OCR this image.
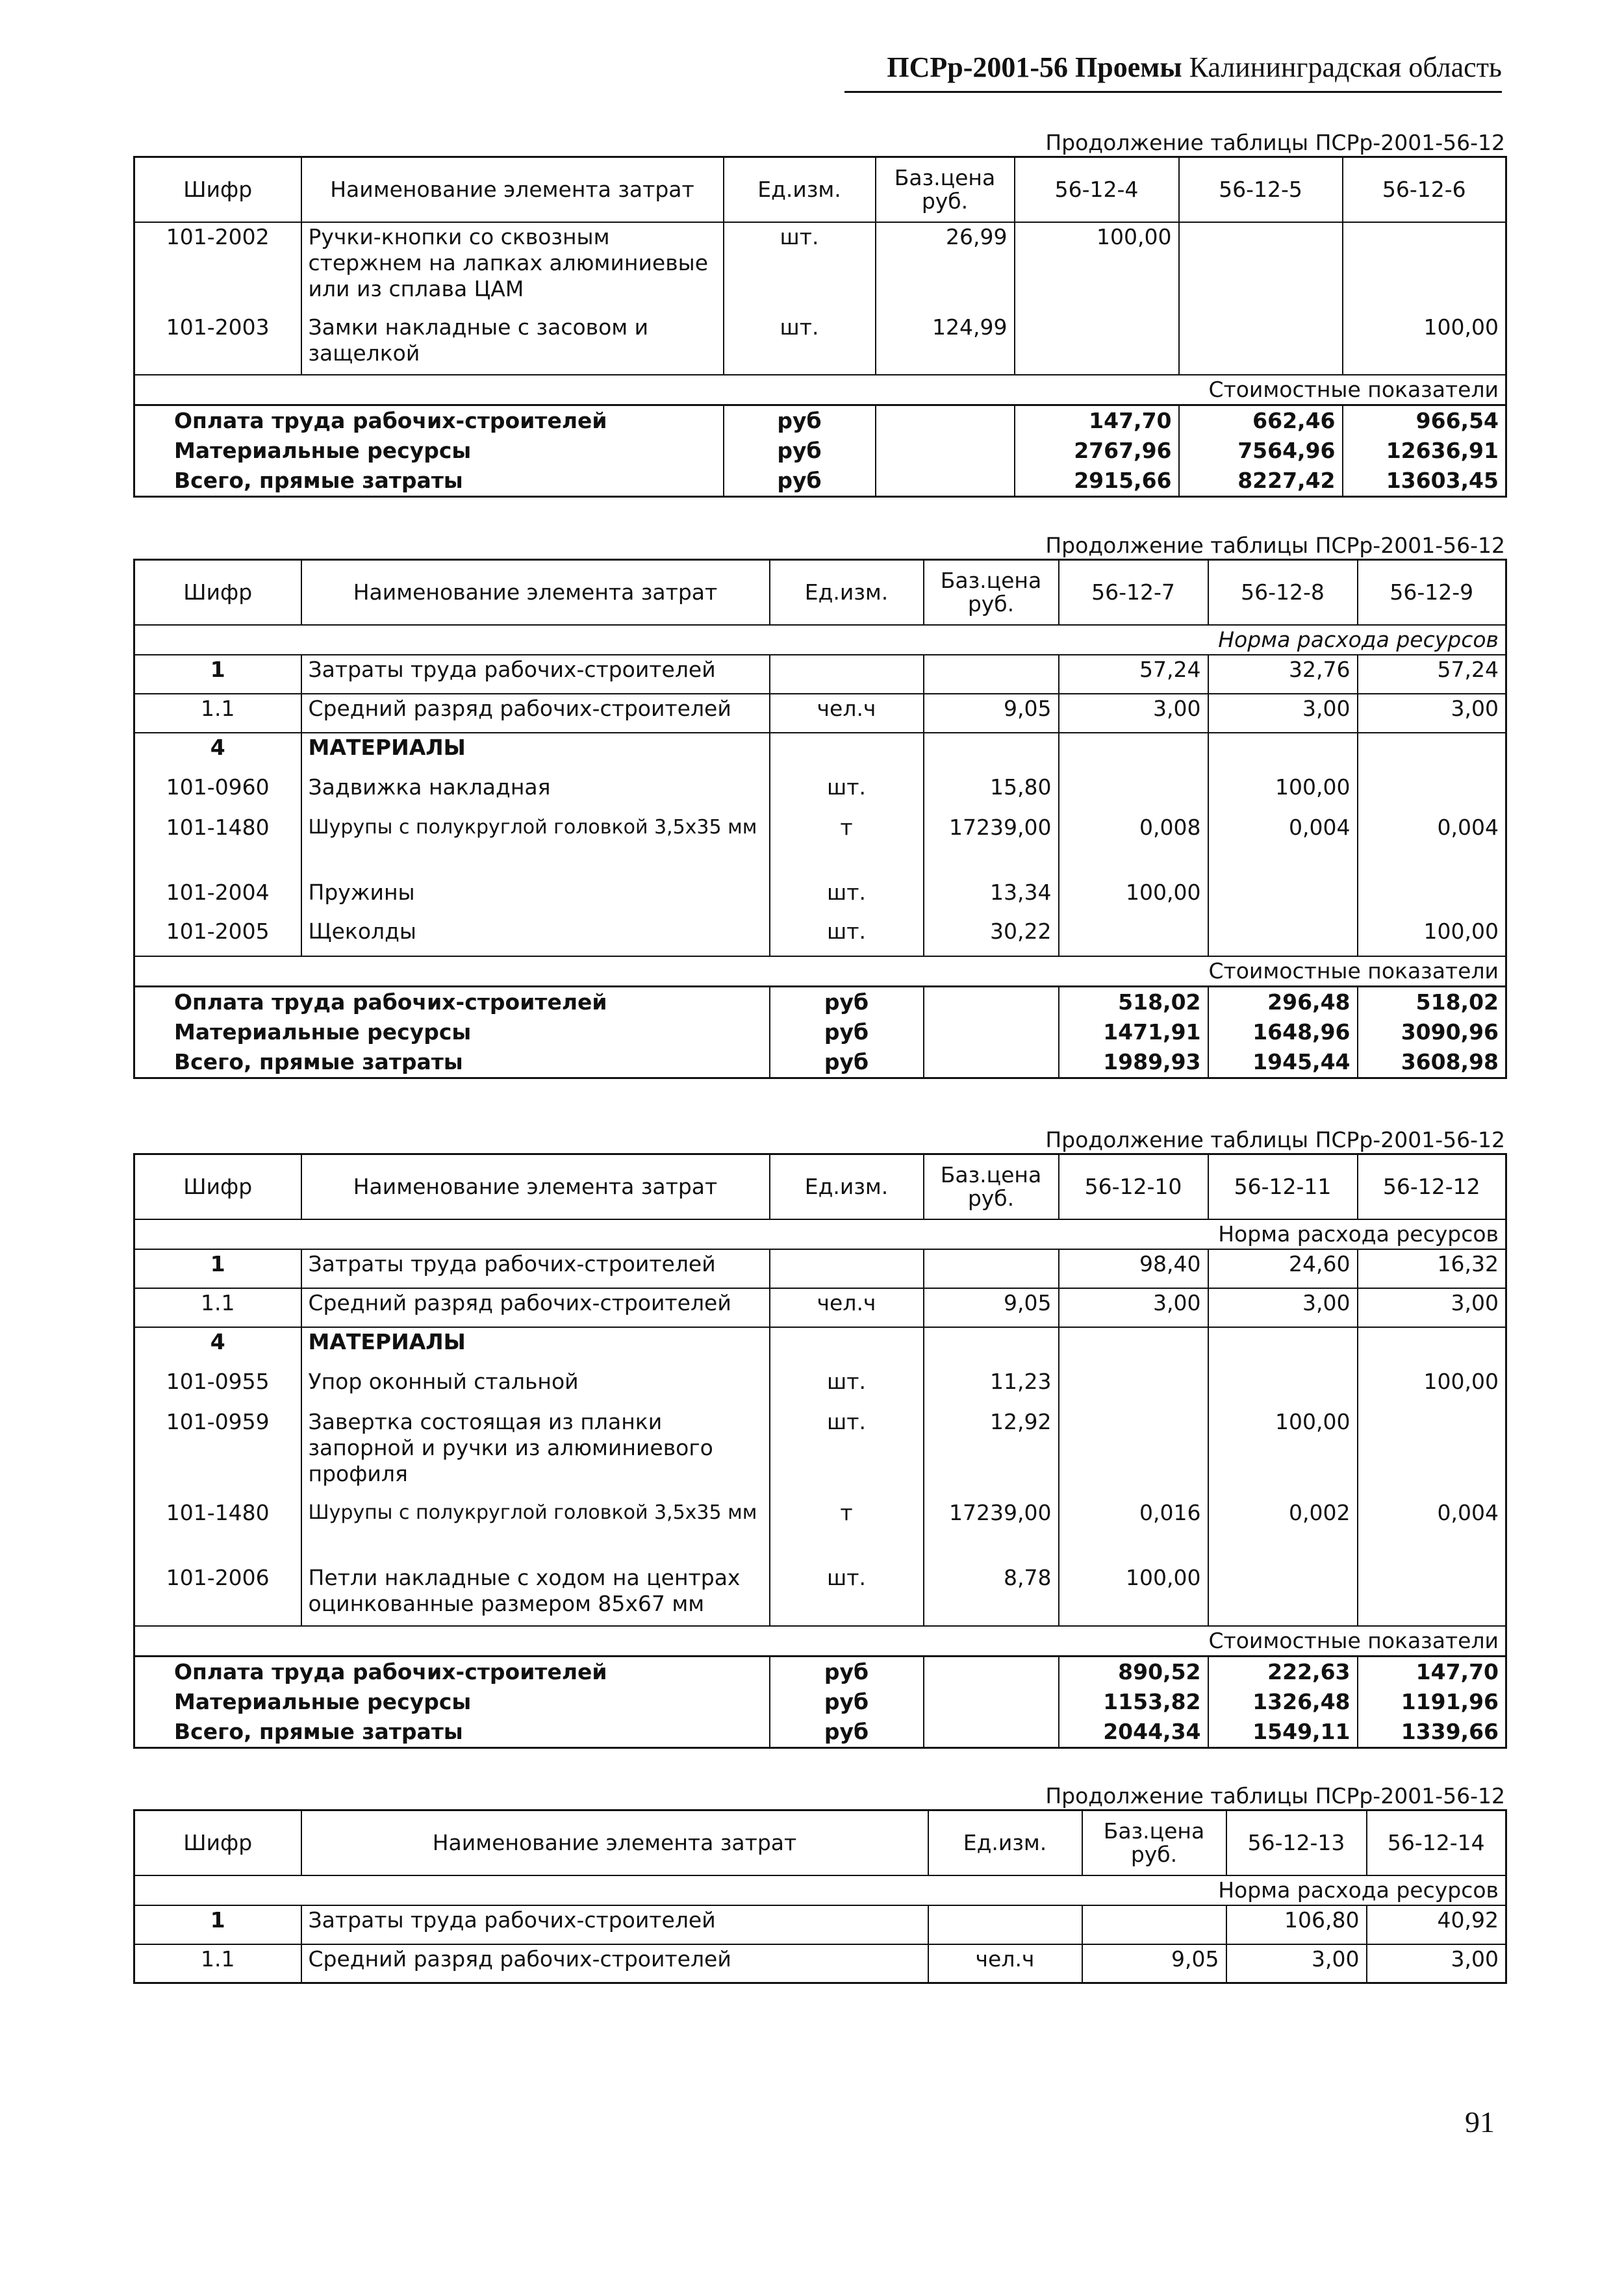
ПСРр-2001-56 Проемы Калининградская область
Продолжение таблицы ПСРр-2001-56-12
Шифр	Наименование элемента затрат	Ед.изм.	Баз.цена руб.	56-12-4	56-12-5	56-12-6
101-2002	Ручки-кнопки со сквозным стержнем на лапках алюминиевые или из сплава ЦАМ	шт.	26,99	100,00		
101-2003	Замки накладные с засовом и защелкой	шт.	124,99			100,00
Стоимостные показатели						
Оплата труда рабочих-строителей		руб		147,70	662,46	966,54
Материальные ресурсы		руб		2767,96	7564,96	12636,91
Всего, прямые затраты		руб		2915,66	8227,42	13603,45
Продолжение таблицы ПСРр-2001-56-12
Шифр	Наименование элемента затрат	Ед.изм.	Баз.цена руб.	56-12-7	56-12-8	56-12-9
Норма расхода ресурсов						
1	Затраты труда рабочих-строителей			57,24	32,76	57,24
1.1	Средний разряд рабочих-строителей	чел.ч	9,05	3,00	3,00	3,00
4	МАТЕРИАЛЫ					
101-0960	Задвижка накладная	шт.	15,80		100,00	
101-1480	Шурупы с полукруглой головкой 3,5х35 мм	т	17239,00	0,008	0,004	0,004
101-2004	Пружины	шт.	13,34	100,00		
101-2005	Щеколды	шт.	30,22			100,00
Стоимостные показатели						
Оплата труда рабочих-строителей		руб		518,02	296,48	518,02
Материальные ресурсы		руб		1471,91	1648,96	3090,96
Всего, прямые затраты		руб		1989,93	1945,44	3608,98
Продолжение таблицы ПСРр-2001-56-12
Шифр	Наименование элемента затрат	Ед.изм.	Баз.цена руб.	56-12-10	56-12-11	56-12-12
Норма расхода ресурсов						
1	Затраты труда рабочих-строителей			98,40	24,60	16,32
1.1	Средний разряд рабочих-строителей	чел.ч	9,05	3,00	3,00	3,00
4	МАТЕРИАЛЫ					
101-0955	Упор оконный стальной	шт.	11,23			100,00
101-0959	Завертка состоящая из планки запорной и ручки из алюминиевого профиля	шт.	12,92		100,00	
101-1480	Шурупы с полукруглой головкой 3,5х35 мм	т	17239,00	0,016	0,002	0,004
101-2006	Петли накладные с ходом на центрах оцинкованные размером 85х67 мм	шт.	8,78	100,00		
Стоимостные показатели						
Оплата труда рабочих-строителей		руб		890,52	222,63	147,70
Материальные ресурсы		руб		1153,82	1326,48	1191,96
Всего, прямые затраты		руб		2044,34	1549,11	1339,66
Продолжение таблицы ПСРр-2001-56-12
Шифр	Наименование элемента затрат	Ед.изм.	Баз.цена руб.	56-12-13	56-12-14
Норма расхода ресурсов					
1	Затраты труда рабочих-строителей			106,80	40,92
1.1	Средний разряд рабочих-строителей	чел.ч	9,05	3,00	3,00
91
